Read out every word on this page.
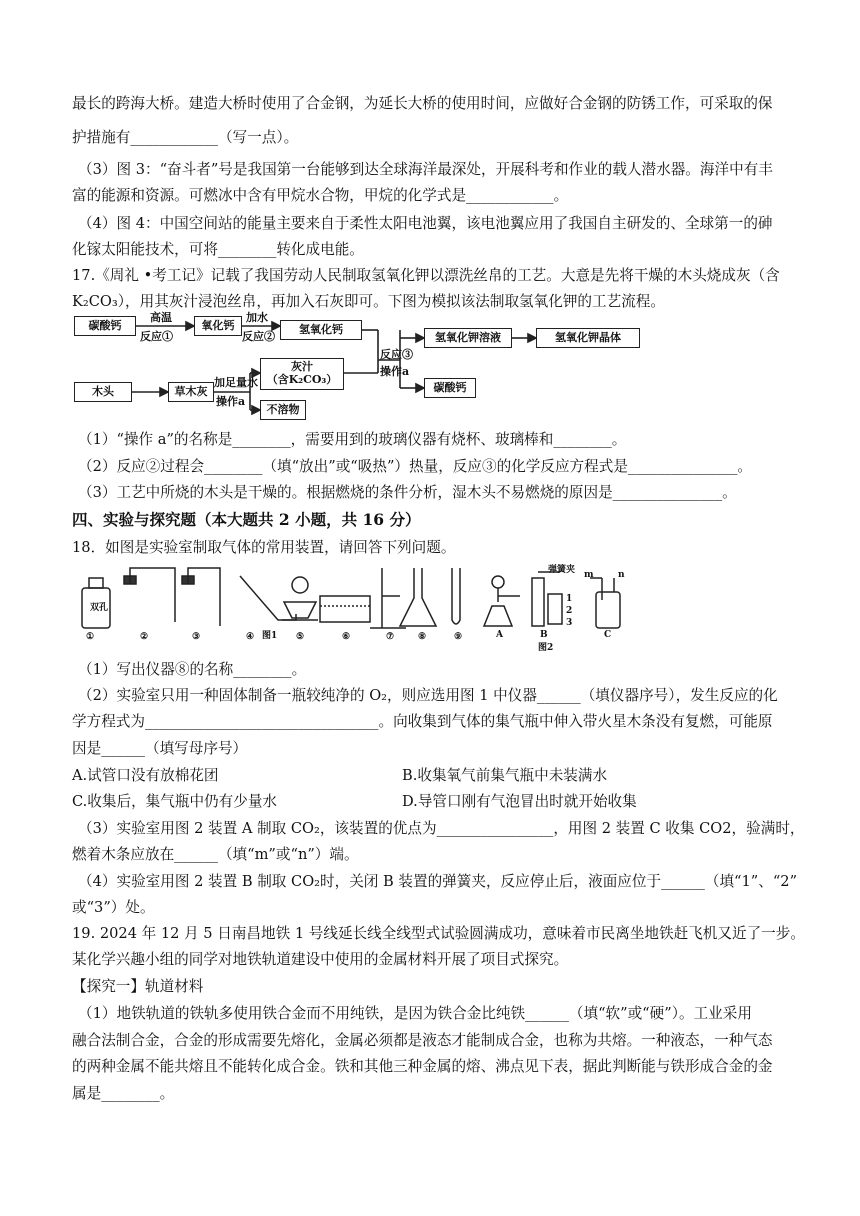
最长的跨海大桥。建造大桥时使用了合金钢，为延长大桥的使用时间，应做好合金钢的防锈工作，可采取的保
护措施有____________（写一点）。
（3）图 3：“奋斗者”号是我国第一台能够到达全球海洋最深处，开展科考和作业的载人潜水器。海洋中有丰
富的能源和资源。可燃冰中含有甲烷水合物，甲烷的化学式是____________。
（4）图 4：中国空间站的能量主要来自于柔性太阳电池翼，该电池翼应用了我国自主研发的、全球第一的砷
化镓太阳能技术，可将________转化成电能。
17.《周礼 •考工记》记载了我国劳动人民制取氢氧化钾以漂洗丝帛的工艺。大意是先将干燥的木头烧成灰（含
K₂CO₃），用其灰汁浸泡丝帛，再加入石灰即可。下图为模拟该法制取氢氧化钾的工艺流程。
碳酸钙	氧化钙	氢氧化钙
木头	草木灰
灰汁
（含K₂CO₃）
不溶物
氢氧化钾溶液	氢氧化钾晶体
碳酸钙
高温
反应①
加水
反应②
加足量水
操作a
反应③
操作a
（1）“操作 a”的名称是________，需要用到的玻璃仪器有烧杯、玻璃棒和________。
（2）反应②过程会________（填“放出”或“吸热”）热量，反应③的化学反应方程式是_______________。
（3）工艺中所烧的木头是干燥的。根据燃烧的条件分析，湿木头不易燃烧的原因是_______________。
四、实验与探究题（本大题共 2 小题，共 16 分）
18．如图是实验室制取气体的常用装置，请回答下列问题。
①
双孔
②	③	④ 图1 ⑤	⑥	⑦	⑧	⑨	A	B
弹簧夹
1
2
3
图2
m	n
C
（1）写出仪器⑧的名称________。
（2）实验室只用一种固体制备一瓶较纯净的 O₂，则应选用图 1 中仪器______（填仪器序号），发生反应的化
学方程式为________________________________。向收集到气体的集气瓶中伸入带火星木条没有复燃，可能原
因是______（填写母序号）
A.试管口没有放棉花团	B.收集氧气前集气瓶中未装满水
C.收集后，集气瓶中仍有少量水	D.导管口刚有气泡冒出时就开始收集
（3）实验室用图 2 装置 A 制取 CO₂，该装置的优点为________________，用图 2 装置 C 收集 CO2，验满时，
燃着木条应放在______（填“m”或“n”）端。
（4）实验室用图 2 装置 B 制取 CO₂时，关闭 B 装置的弹簧夹，反应停止后，液面应位于______（填“1”、“2”
或“3”）处。
19. 2024 年 12 月 5 日南昌地铁 1 号线延长线全线型式试验圆满成功，意味着市民离坐地铁赶飞机又近了一步。
某化学兴趣小组的同学对地铁轨道建设中使用的金属材料开展了项目式探究。
【探究一】轨道材料
（1）地铁轨道的铁轨多使用铁合金而不用纯铁，是因为铁合金比纯铁______（填“软”或“硬”）。工业采用
融合法制合金，合金的形成需要先熔化，金属必须都是液态才能制成合金，也称为共熔。一种液态，一种气态
的两种金属不能共熔且不能转化成合金。铁和其他三种金属的熔、沸点见下表，据此判断能与铁形成合金的金
属是________。
